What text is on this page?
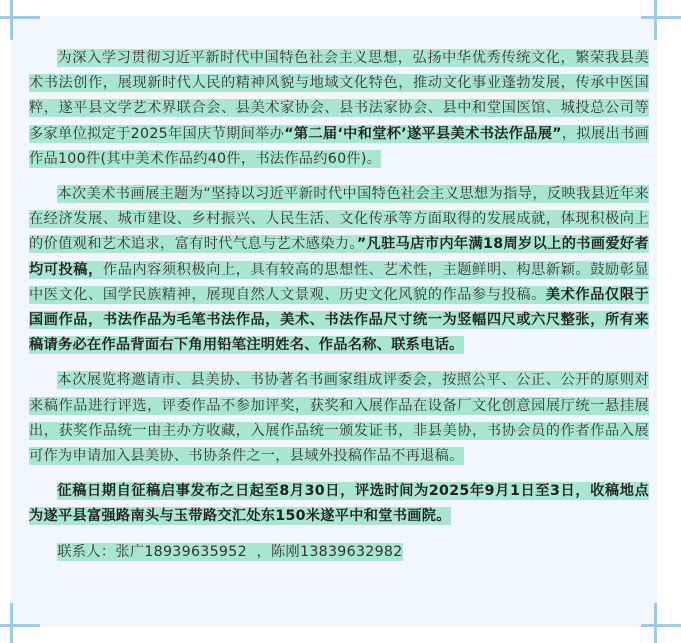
为深入学习贯彻习近平新时代中国特色社会主义思想，弘扬中华优秀传统文化，繁荣我县美术书法创作，展现新时代人民的精神风貌与地域文化特色，推动文化事业蓬勃发展，传承中医国粹，遂平县文学艺术界联合会、县美术家协会、县书法家协会、县中和堂国医馆、城投总公司等多家单位拟定于2025年国庆节期间举办“第二届‘中和堂杯’遂平县美术书法作品展”，拟展出书画作品100件(其中美术作品约40件，书法作品约60件)。

本次美术书画展主题为“坚持以习近平新时代中国特色社会主义思想为指导，反映我县近年来在经济发展、城市建设、乡村振兴、人民生活、文化传承等方面取得的发展成就，体现积极向上的价值观和艺术追求，富有时代气息与艺术感染力。”凡驻马店市内年满18周岁以上的书画爱好者均可投稿，作品内容须积极向上，具有较高的思想性、艺术性，主题鲜明、构思新颖。鼓励彰显中医文化、国学民族精神，展现自然人文景观、历史文化风貌的作品参与投稿。美术作品仅限于国画作品，书法作品为毛笔书法作品，美术、书法作品尺寸统一为竖幅四尺或六尺整张，所有来稿请务必在作品背面右下角用铅笔注明姓名、作品名称、联系电话。

本次展览将邀请市、县美协、书协著名书画家组成评委会，按照公平、公正、公开的原则对来稿作品进行评选，评委作品不参加评奖，获奖和入展作品在设备厂文化创意园展厅统一悬挂展出，获奖作品统一由主办方收藏，入展作品统一颁发证书，非县美协，书协会员的作者作品入展可作为申请加入县美协、书协条件之一，县域外投稿作品不再退稿。

征稿日期自征稿启事发布之日起至8月30日，评选时间为2025年9月1日至3日，收稿地点为遂平县富强路南头与玉带路交汇处东150米遂平中和堂书画院。

联系人：张广18939635952  ，陈刚13839632982
